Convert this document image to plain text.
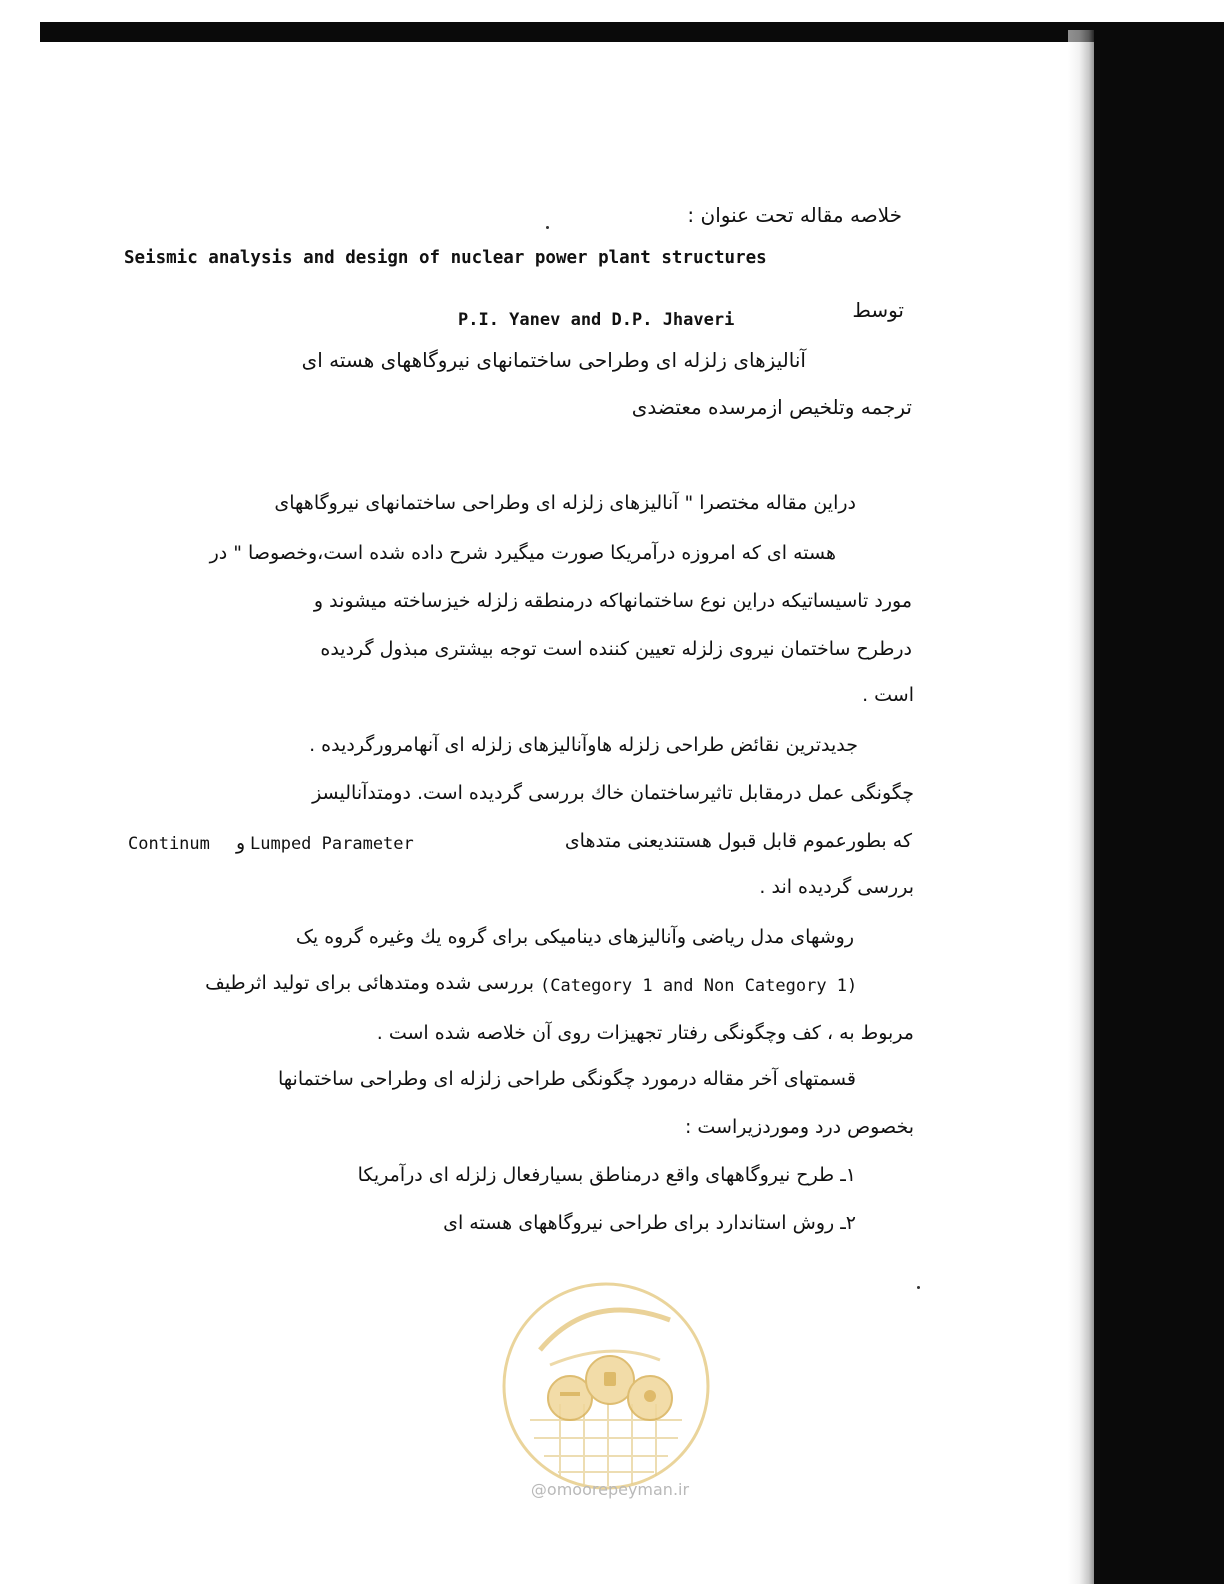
خلاصه مقاله تحت عنوان :
Seismic analysis and design of nuclear power plant structures
توسط
P.I. Yanev and D.P. Jhaveri
آنالیزهای زلزله ای وطراحی ساختمانهای نیروگاههای هسته ای
ترجمه وتلخیص ازمرسده معتضدی
دراین مقاله مختصرا " آنالیزهای زلزله ای وطراحی ساختمانهای نیروگاههای
هسته ای که امروزه درآمریکا صورت میگیرد شرح داده شده است،وخصوصا " در
مورد تاسیساتیکه دراین نوع ساختمانهاکه درمنطقه زلزله خیزساخته میشوند و
درطرح ساختمان نیروی زلزله تعیین کننده است توجه بیشتری مبذول گردیده
است .
جدیدترین نقائض طراحی زلزله هاوآنالیزهای زلزله ای آنهامرورگردیده .
چگونگی عمل درمقابل تاثیرساختمان خاك بررسی گردیده است. دومتدآنالیسز
که بطورعموم قابل قبول هستندیعنی متدهای
Lumped Parameter
و
Continum
بررسی گردیده اند .
روشهای مدل ریاضی وآنالیزهای دینامیکی برای گروه یك وغیره گروه یک
(Category 1 and Non Category 1)
بررسی شده ومتدهائی برای تولید اثرطیف
مربوط به ، کف وچگونگی رفتار تجهیزات روی آن خلاصه شده است .
قسمتهای آخر مقاله درمورد چگونگی طراحی زلزله ای وطراحی ساختمانها
بخصوص درد وموردزیراست :
۱ـ طرح نیروگاههای واقع درمناطق بسیارفعال زلزله ای درآمریکا
۲ـ روش استاندارد برای طراحی نیروگاههای هسته ای
@omoorepeyman.ir
